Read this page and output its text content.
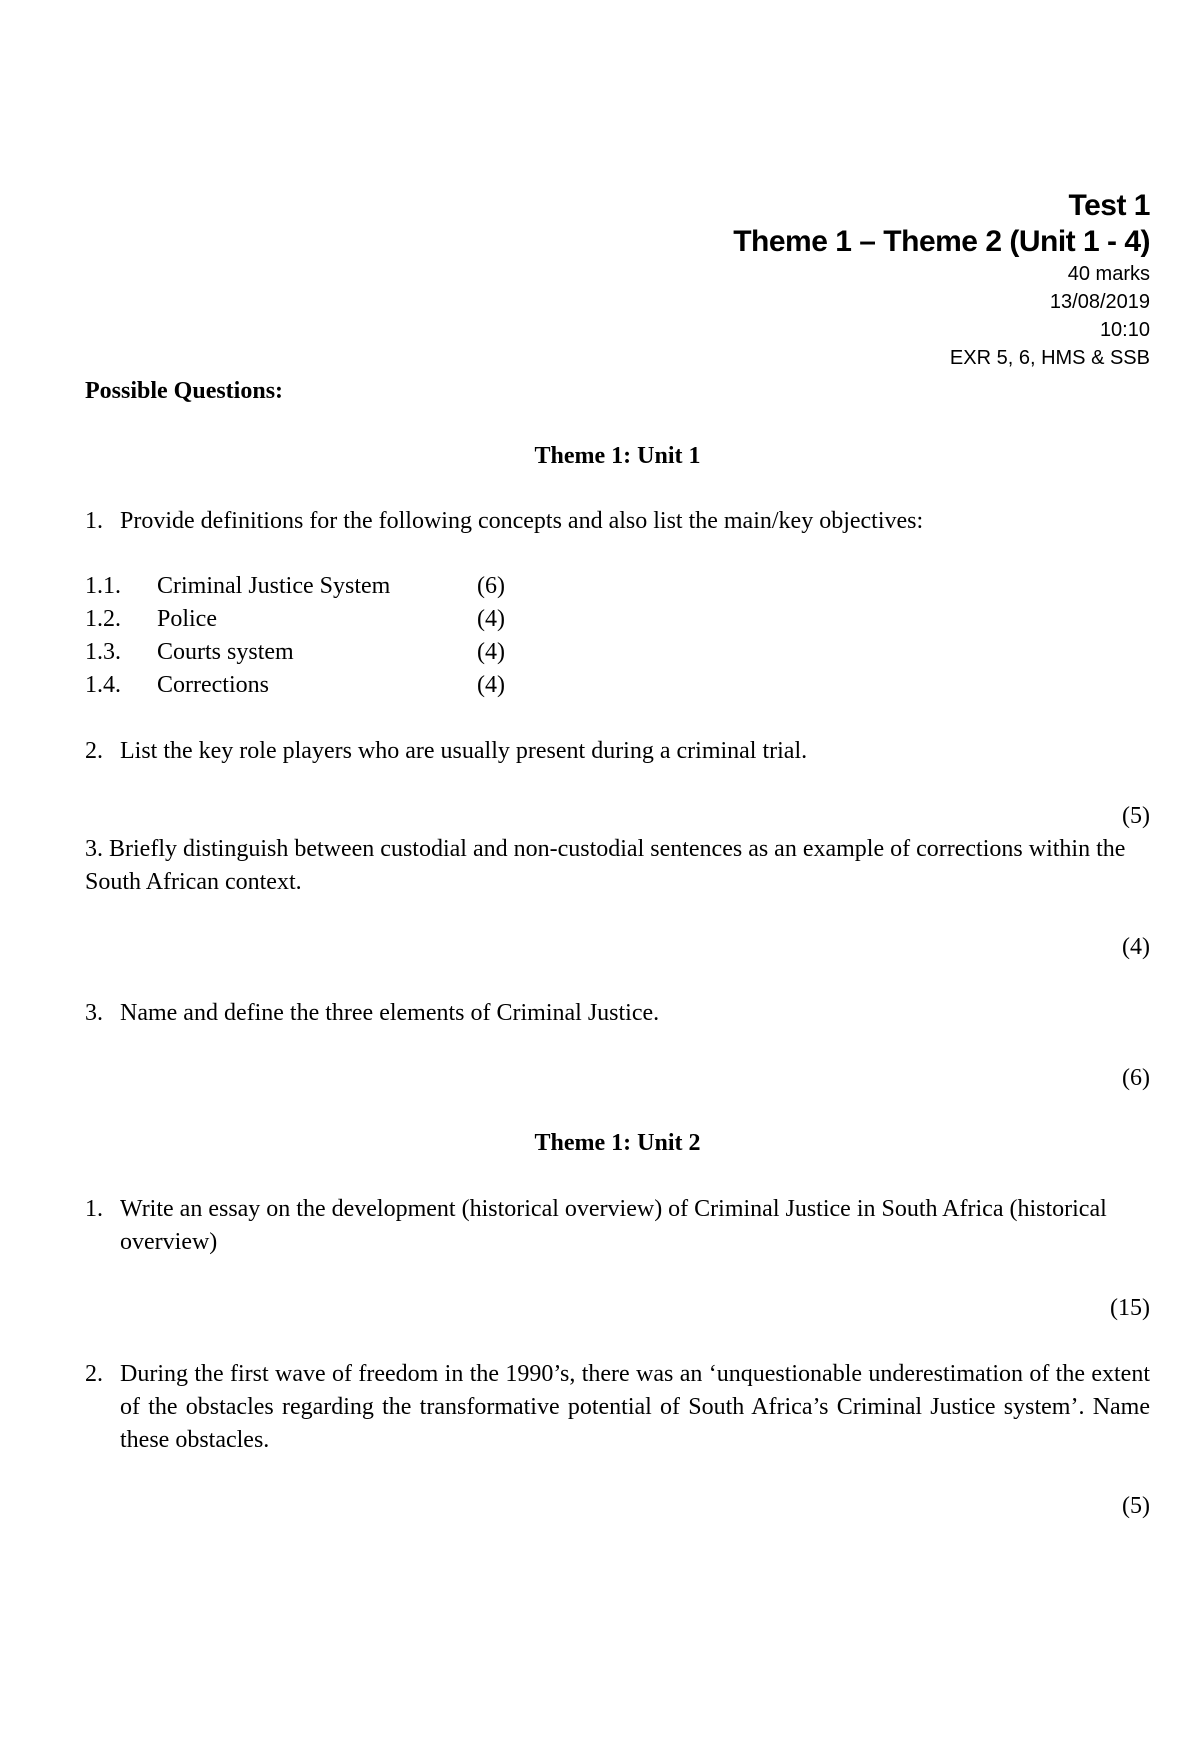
Test 1
Theme 1 – Theme 2 (Unit 1 - 4)
40 marks
13/08/2019
10:10
EXR 5, 6, HMS & SSB
Possible Questions:
Theme 1: Unit 1
1. Provide definitions for the following concepts and also list the main/key objectives:
1.1. Criminal Justice System	(6)
1.2. Police	(4)
1.3. Courts system	(4)
1.4. Corrections	(4)
2. List the key role players who are usually present during a criminal trial.
(5)
3. Briefly distinguish between custodial and non-custodial sentences as an example of corrections within the South African context.
(4)
3. Name and define the three elements of Criminal Justice.
(6)
Theme 1: Unit 2
1. Write an essay on the development (historical overview) of Criminal Justice in South Africa (historical overview)
(15)
2. During the first wave of freedom in the 1990’s, there was an ‘unquestionable underestimation of the extent of the obstacles regarding the transformative potential of South Africa’s Criminal Justice system’. Name these obstacles.
(5)
